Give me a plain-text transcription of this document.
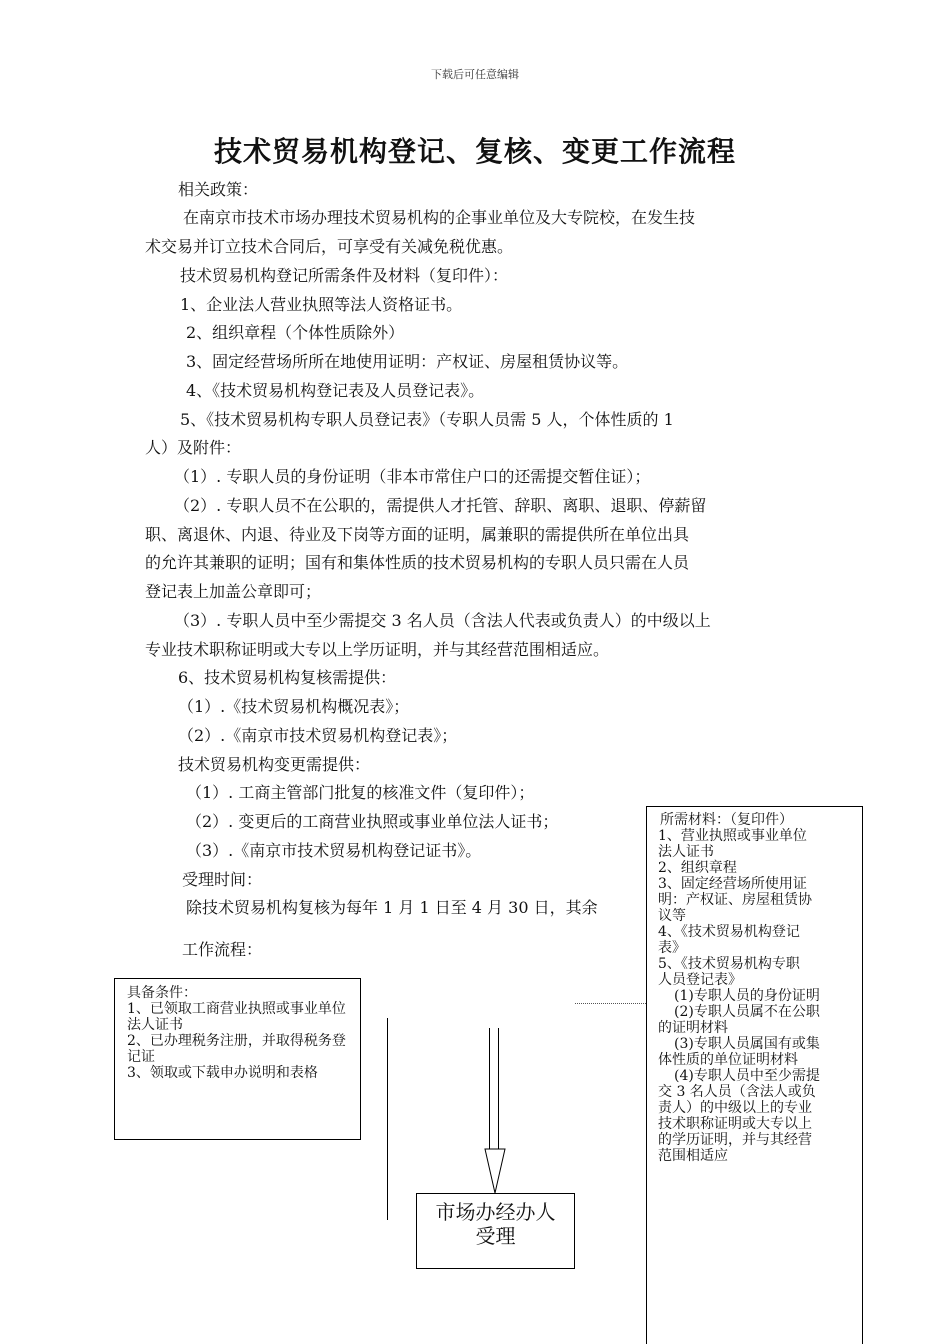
下载后可任意编辑
技术贸易机构登记、复核、变更工作流程
相关政策：
在南京市技术市场办理技术贸易机构的企事业单位及大专院校，在发生技
术交易并订立技术合同后，可享受有关减免税优惠。
技术贸易机构登记所需条件及材料（复印件）：
1、企业法人营业执照等法人资格证书。
2、组织章程（个体性质除外）
3、固定经营场所所在地使用证明：产权证、房屋租赁协议等。
4、《技术贸易机构登记表及人员登记表》。
5、《技术贸易机构专职人员登记表》（专职人员需 5 人，个体性质的 1
人）及附件：
（1）. 专职人员的身份证明（非本市常住户口的还需提交暂住证）；
（2）. 专职人员不在公职的，需提供人才托管、辞职、离职、退职、停薪留
职、离退休、内退、待业及下岗等方面的证明，属兼职的需提供所在单位出具
的允许其兼职的证明；国有和集体性质的技术贸易机构的专职人员只需在人员
登记表上加盖公章即可；
（3）. 专职人员中至少需提交 3 名人员（含法人代表或负责人）的中级以上
专业技术职称证明或大专以上学历证明，并与其经营范围相适应。
6、技术贸易机构复核需提供：
（1）.《技术贸易机构概况表》；
（2）.《南京市技术贸易机构登记表》；
技术贸易机构变更需提供：
（1）. 工商主管部门批复的核准文件（复印件）；
（2）. 变更后的工商营业执照或事业单位法人证书；
（3）.《南京市技术贸易机构登记证书》。
受理时间：
除技术贸易机构复核为每年 1 月 1 日至 4 月 30 日，其余
工作流程：
具备条件：
1、已领取工商营业执照或事业单位法人证书
2、已办理税务注册，并取得税务登记证
3、领取或下载申办说明和表格
市场办经办人受理
所需材料：（复印件）
1、营业执照或事业单位
法人证书
2、组织章程
3、固定经营场所使用证
明：产权证、房屋租赁协
议等
4、《技术贸易机构登记
表》
5、《技术贸易机构专职
人员登记表》
(1)专职人员的身份证明
(2)专职人员属不在公职
的证明材料
(3)专职人员属国有或集
体性质的单位证明材料
(4)专职人员中至少需提
交 3 名人员（含法人或负
责人）的中级以上的专业
技术职称证明或大专以上
的学历证明，并与其经营
范围相适应
